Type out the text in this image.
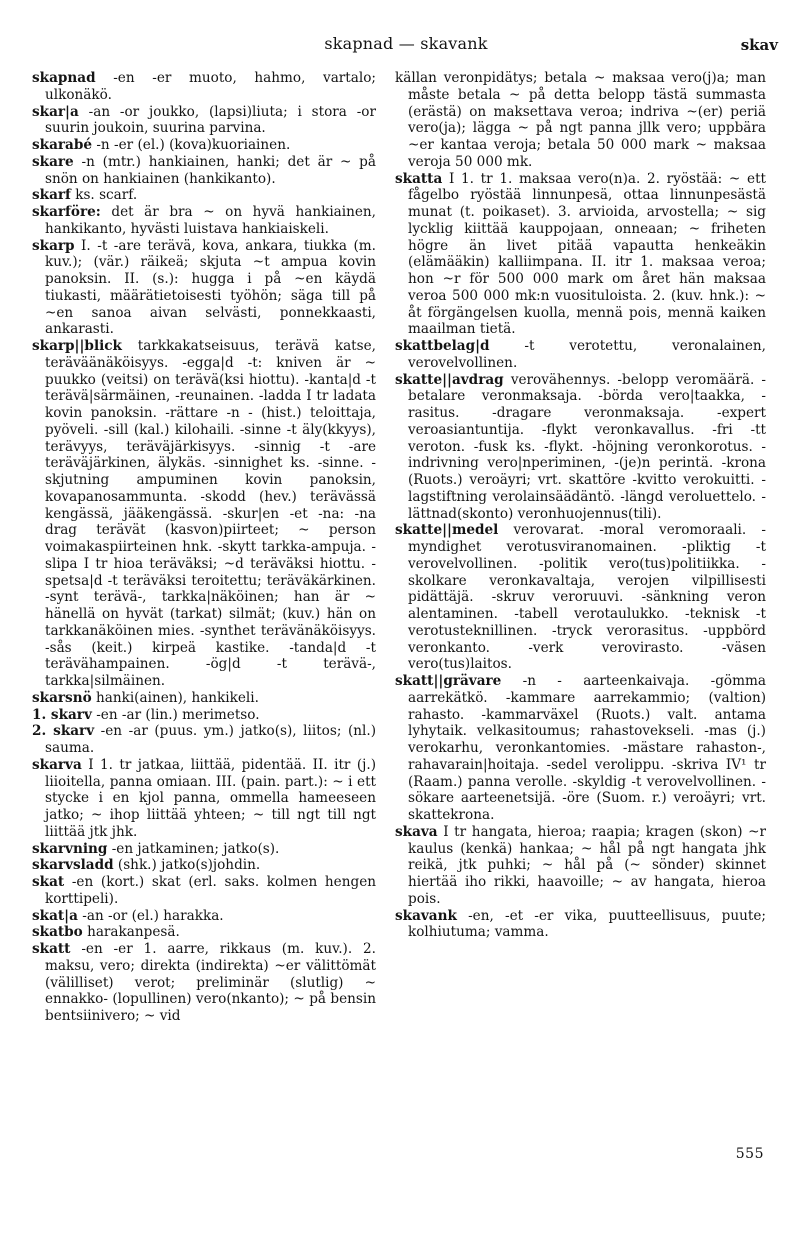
skapnad — skavank	skav

skapnad -en -er muoto, hahmo, vartalo; ulkonäkö.

skar|a -an -or joukko, (lapsi)liuta; i stora -or suurin joukoin, suurina parvina.

skarabé -n -er (el.) (kova)kuoriainen.

skare -n (mtr.) hankiainen, hanki; det är ~ på snön on hankiainen (hankikanto).

skarf ks. scarf.

skarföre: det är bra ~ on hyvä hankiainen, hankikanto, hyvästi luistava hankiaiskeli.

skarp I. -t -are terävä, kova, ankara, tiukka (m. kuv.); (vär.) räikeä; skjuta ~t ampua kovin panoksin. II. (s.): hugga i på ~en käydä tiukasti, määrätietoisesti työhön; säga till på ~en sanoa aivan selvästi, ponnekkaasti, ankarasti.

skarp||blick tarkkakatseisuus, terävä katse, teräväänäköisyys. -egga|d -t: kniven är ~ puukko (veitsi) on terävä(ksi hiottu). -kanta|d -t terävä|särmäinen, -reunainen. -ladda I tr ladata kovin panoksin. -rättare -n - (hist.) teloittaja, pyöveli. -sill (kal.) kilohaili. -sinne -t äly(kkyys), terävyys, teräväjärkisyys. -sinnig -t -are teräväjärkinen, älykäs. -sinnighet ks. -sinne. -skjutning ampuminen kovin panoksin, kovapanosammunta. -skodd (hev.) terävässä kengässä, jääkengässä. -skur|en -et -na: -na drag terävät (kasvon)piirteet; ~ person voimakaspiirteinen hnk. -skytt tarkka-ampuja. -slipa I tr hioa teräväksi; ~d teräväksi hiottu. -spetsa|d -t teräväksi teroitettu; teräväkärkinen. -synt terävä-, tarkka|näköinen; han är ~ hänellä on hyvät (tarkat) silmät; (kuv.) hän on tarkkanäköinen mies. -synthet terävänäköisyys. -sås (keit.) kirpeä kastike. -tanda|d -t terävähampainen. -ög|d -t terävä-, tarkka|silmäinen.

skarsnö hanki(ainen), hankikeli.

1. skarv -en -ar (lin.) merimetso.

2. skarv -en -ar (puus. ym.) jatko(s), liitos; (nl.) sauma.

skarva I 1. tr jatkaa, liittää, pidentää. II. itr (j.) liioitella, panna omiaan. III. (pain. part.): ~ i ett stycke i en kjol panna, ommella hameeseen jatko; ~ ihop liittää yhteen; ~ till ngt till ngt liittää jtk jhk.

skarvning -en jatkaminen; jatko(s).

skarvsladd (shk.) jatko(s)johdin.

skat -en (kort.) skat (erl. saks. kolmen hengen korttipeli).

skat|a -an -or (el.) harakka.

skatbo harakanpesä.

skatt -en -er 1. aarre, rikkaus (m. kuv.). 2. maksu, vero; direkta (indirekta) ~er välittömät (välilliset) verot; preliminär (slutlig) ~ ennakko- (lopullinen) vero(nkanto); ~ på bensin bentsiinivero; ~ vid

källan veronpidätys; betala ~ maksaa vero(j)a; man måste betala ~ på detta belopp tästä summasta (erästä) on maksettava veroa; indriva ~(er) periä vero(ja); lägga ~ på ngt panna jllk vero; uppbära ~er kantaa veroja; betala 50 000 mark ~ maksaa veroja 50 000 mk.

skatta I 1. tr 1. maksaa vero(n)a. 2. ryöstää: ~ ett fågelbo ryöstää linnunpesä, ottaa linnunpesästä munat (t. poikaset). 3. arvioida, arvostella; ~ sig lycklig kiittää kauppojaan, onneaan; ~ friheten högre än livet pitää vapautta henkeäkin (elämääkin) kalliimpana. II. itr 1. maksaa veroa; hon ~r för 500 000 mark om året hän maksaa veroa 500 000 mk:n vuosituloista. 2. (kuv. hnk.): ~ åt förgängelsen kuolla, mennä pois, mennä kaiken maailman tietä.

skattbelag|d	-t verotettu, veronalainen, verovelvollinen.

skatte||avdrag verovähennys. -belopp veromäärä. -betalare veronmaksaja. -börda vero|taakka, -rasitus. -dragare veronmaksaja. -expert veroasiantuntija. -flykt veronkavallus. -fri -tt veroton. -fusk ks. -flykt. -höjning veronkorotus. -indrivning vero|nperiminen, -(je)n perintä. -krona (Ruots.) veroäyri; vrt. skattöre -kvitto verokuitti. -lagstiftning verolainsäädäntö. -längd veroluettelo. -lättnad(skonto) veronhuojennus(tili).

skatte||medel verovarat. -moral veromoraali. -myndighet verotusviranomainen. -pliktig -t verovelvollinen. -politik vero(tus)politiikka. -skolkare veronkavaltaja, verojen vilpillisesti pidättäjä. -skruv veroruuvi. -sänkning veron alentaminen. -tabell verotaulukko. -teknisk -t verotusteknillinen. -tryck verorasitus. -uppbörd veronkanto. -verk verovirasto. -väsen vero(tus)laitos.

skatt||grävare -n - aarteenkaivaja. -gömma aarrekätkö. -kammare aarrekammio; (valtion) rahasto. -kammarväxel (Ruots.) valt. antama lyhytaik. velkasitoumus; rahastovekseli. -mas (j.) verokarhu, veronkantomies. -mästare rahaston-, rahavarain|hoitaja. -sedel verolippu. -skriva IV¹ tr (Raam.) panna verolle. -skyldig -t verovelvollinen. -sökare aarteenetsijä. -öre (Suom. r.) veroäyri; vrt. skattekrona.

skava I tr hangata, hieroa; raapia; kragen (skon) ~r kaulus (kenkä) hankaa; ~ hål på ngt hangata jhk reikä, jtk puhki; ~ hål på (~ sönder) skinnet hiertää iho rikki, haavoille; ~ av hangata, hieroa pois.

skavank -en, -et -er vika, puutteellisuus, puute; kolhiutuma; vamma.

555
